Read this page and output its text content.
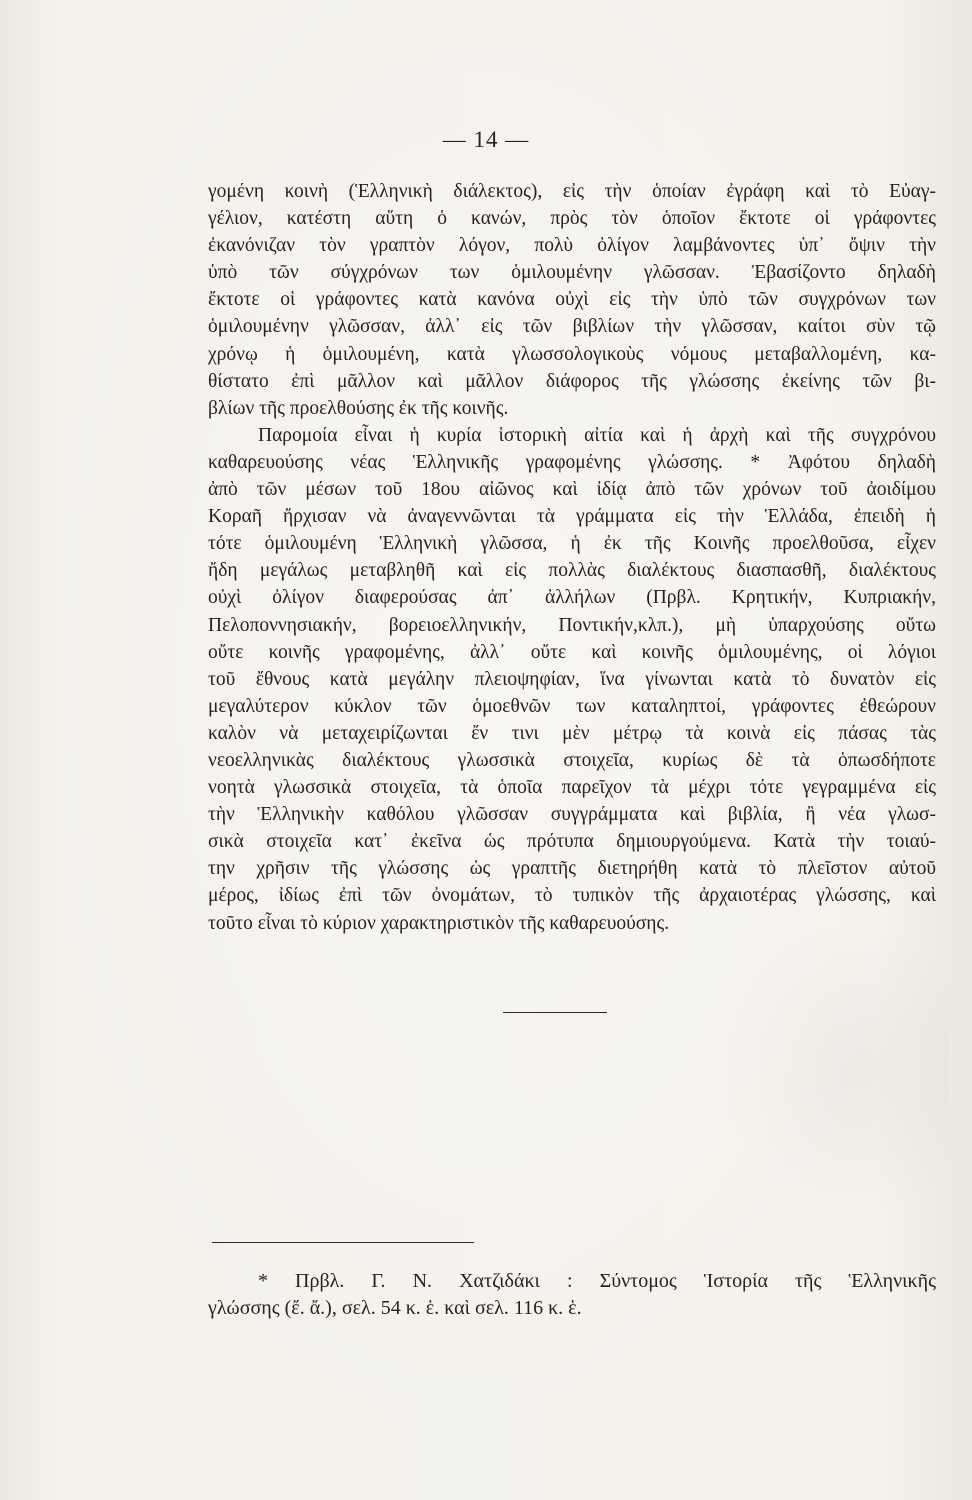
— 14 —
γομένη κοινὴ (Ἑλληνικὴ διάλεκτος), εἰς τὴν ὁποίαν ἐγράφη καὶ τὸ Εὐαγ-
γέλιον, κατέστη αὕτη ὁ κανών, πρὸς τὸν ὁποῖον ἔκτοτε οἱ γράφοντες
ἐκανόνιζαν τὸν γραπτὸν λόγον, πολὺ ὀλίγον λαμβάνοντες ὑπ᾿ ὄψιν τὴν
ὑπὸ τῶν σύγχρόνων των ὁμιλουμένην γλῶσσαν. Ἐβασίζοντο δηλαδὴ
ἔκτοτε οἱ γράφοντες κατὰ κανόνα οὐχὶ εἰς τὴν ὑπὸ τῶν συγχρόνων των
ὁμιλουμένην γλῶσσαν, ἀλλ᾿ εἰς τῶν βιβλίων τὴν γλῶσσαν, καίτοι σὺν τῷ
χρόνῳ ἡ ὁμιλουμένη, κατὰ γλωσσολογικοὺς νόμους μεταβαλλομένη, κα-
θίστατο ἐπὶ μᾶλλον καὶ μᾶλλον διάφορος τῆς γλώσσης ἐκείνης τῶν βι-
βλίων τῆς προελθούσης ἐκ τῆς κοινῆς.
Παρομοία εἶναι ἡ κυρία ἱστορικὴ αἰτία καὶ ἡ ἀρχὴ καὶ τῆς συγχρόνου
καθαρευούσης νέας Ἑλληνικῆς γραφομένης γλώσσης. * Ἀφότου δηλαδὴ
ἀπὸ τῶν μέσων τοῦ 18ου αἰῶνος καὶ ἰδίᾳ ἀπὸ τῶν χρόνων τοῦ ἀοιδίμου
Κοραῆ ἤρχισαν νὰ ἀναγεννῶνται τὰ γράμματα εἰς τὴν Ἑλλάδα, ἐπειδὴ ἡ
τότε ὁμιλουμένη Ἑλληνικὴ γλῶσσα, ἡ ἐκ τῆς Κοινῆς προελθοῦσα, εἶχεν
ἤδη μεγάλως μεταβληθῆ καὶ εἰς πολλὰς διαλέκτους διασπασθῆ, διαλέκτους
οὐχὶ ὀλίγον διαφερούσας ἀπ᾿ ἀλλήλων (Πρβλ. Κρητικήν, Κυπριακήν,
Πελοποννησιακήν, βορειοελληνικήν, Ποντικήν,κλπ.), μὴ ὑπαρχούσης οὔτω
οὔτε κοινῆς γραφομένης, ἀλλ᾿ οὔτε καὶ κοινῆς ὁμιλουμένης, οἱ λόγιοι
τοῦ ἔθνους κατὰ μεγάλην πλειοψηφίαν, ἵνα γίνωνται κατὰ τὸ δυνατὸν εἰς
μεγαλύτερον κύκλον τῶν ὁμοεθνῶν των καταληπτοί, γράφοντες ἐθεώρουν
καλὸν νὰ μεταχειρίζωνται ἔν τινι μὲν μέτρῳ τὰ κοινὰ εἰς πάσας τὰς
νεοελληνικὰς διαλέκτους γλωσσικὰ στοιχεῖα, κυρίως δὲ τὰ ὁπωσδήποτε
νοητὰ γλωσσικὰ στοιχεῖα, τὰ ὁποῖα παρεῖχον τὰ μέχρι τότε γεγραμμένα εἰς
τὴν Ἑλληνικὴν καθόλου γλῶσσαν συγγράμματα καὶ βιβλία, ἢ νέα γλωσ-
σικὰ στοιχεῖα κατ᾿ ἐκεῖνα ὡς πρότυπα δημιουργούμενα. Κατὰ τὴν τοιαύ-
την χρῆσιν τῆς γλώσσης ὡς γραπτῆς διετηρήθη κατὰ τὸ πλεῖστον αὐτοῦ
μέρος, ἰδίως ἐπὶ τῶν ὀνομάτων, τὸ τυπικὸν τῆς ἀρχαιοτέρας γλώσσης, καὶ
τοῦτο εἶναι τὸ κύριον χαρακτηριστικὸν τῆς καθαρευούσης.
* Πρβλ. Γ. Ν. Χατζιδάκι : Σύντομος Ἱστορία τῆς Ἑλληνικῆς
γλώσσης (ἔ. ἄ.), σελ. 54 κ. ἑ. καὶ σελ. 116 κ. ἑ.
